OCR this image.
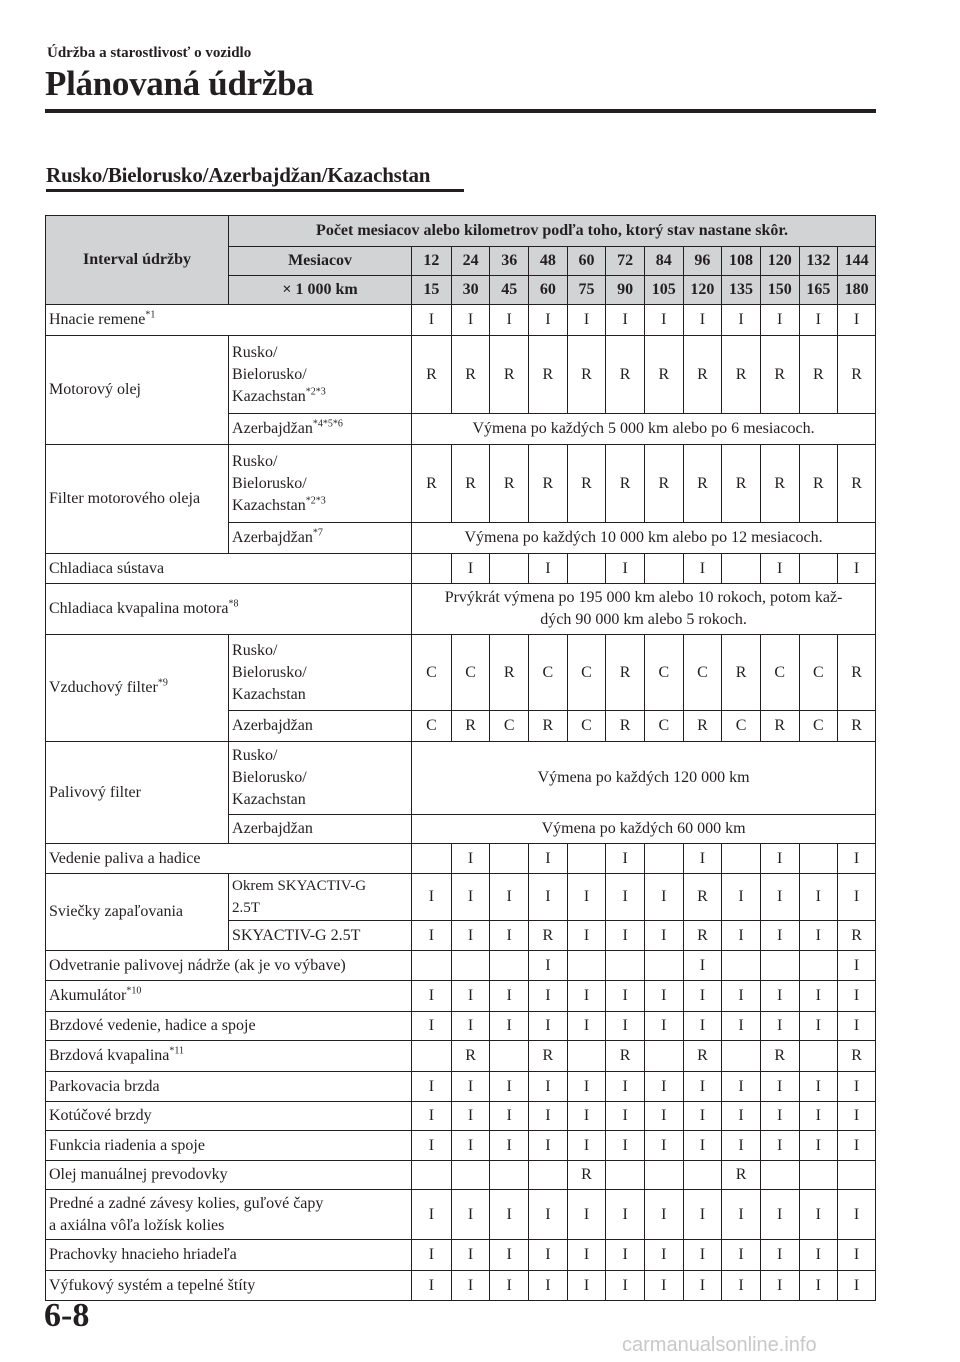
Údržba a starostlivosť o vozidlo
Plánovaná údržba
Rusko/Bielorusko/Azerbajdžan/Kazachstan
Interval údržby	Počet mesiacov alebo kilometrov podľa toho, ktorý stav nastane skôr.												
	Mesiacov	12	24	36	48	60	72	84	96	108	120	132	144
	× 1 000 km	15	30	45	60	75	90	105	120	135	150	165	180
Hnacie remene$^{*1}$		I	I	I	I	I	I	I	I	I	I	I	I
Motorový olej	Rusko/
Bielorusko/
Kazachstan$^{*2*3}$	R	R	R	R	R	R	R	R	R	R	R	R
	Azerbajdžan$^{*4*5*6}$	Výmena po každých 5 000 km alebo po 6 mesiacoch.											
Filter motorového oleja	Rusko/
Bielorusko/
Kazachstan$^{*2*3}$	R	R	R	R	R	R	R	R	R	R	R	R
	Azerbajdžan$^{*7}$	Výmena po každých 10 000 km alebo po 12 mesiacoch.											
Chladiaca sústava			I		I		I		I		I		I
Chladiaca kvapalina motora$^{*8}$		Prvýkrát výmena po 195 000 km alebo 10 rokoch, potom kaž-
dých 90 000 km alebo 5 rokoch.											
Vzduchový filter$^{*9}$	Rusko/
Bielorusko/
Kazachstan	C	C	R	C	C	R	C	C	R	C	C	R
	Azerbajdžan	C	R	C	R	C	R	C	R	C	R	C	R
Palivový filter	Rusko/
Bielorusko/
Kazachstan	Výmena po každých 120 000 km											
	Azerbajdžan	Výmena po každých 60 000 km											
Vedenie paliva a hadice			I		I		I		I		I		I
Sviečky zapaľovania	Okrem SKYACTIV-G
2.5T	I	I	I	I	I	I	I	R	I	I	I	I
	SKYACTIV-G 2.5T	I	I	I	R	I	I	I	R	I	I	I	R
Odvetranie palivovej nádrže (ak je vo výbave)					I				I				I
Akumulátor$^{*10}$		I	I	I	I	I	I	I	I	I	I	I	I
Brzdové vedenie, hadice a spoje		I	I	I	I	I	I	I	I	I	I	I	I
Brzdová kvapalina$^{*11}$			R		R		R		R		R		R
Parkovacia brzda		I	I	I	I	I	I	I	I	I	I	I	I
Kotúčové brzdy		I	I	I	I	I	I	I	I	I	I	I	I
Funkcia riadenia a spoje		I	I	I	I	I	I	I	I	I	I	I	I
Olej manuálnej prevodovky						R				R			
Predné a zadné závesy kolies, guľové čapy
a axiálna vôľa ložísk kolies		I	I	I	I	I	I	I	I	I	I	I	I
Prachovky hnacieho hriadeľa		I	I	I	I	I	I	I	I	I	I	I	I
Výfukový systém a tepelné štíty		I	I	I	I	I	I	I	I	I	I	I	I
6-8
carmanualsonline.info
